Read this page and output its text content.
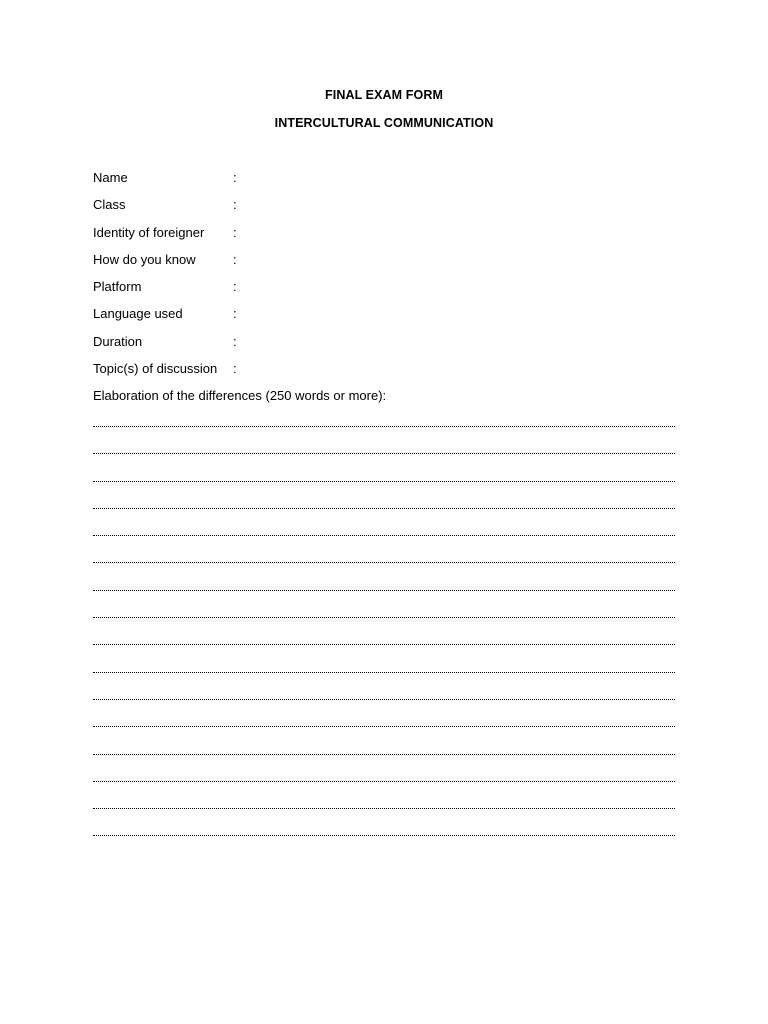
FINAL EXAM FORM
INTERCULTURAL COMMUNICATION
Name	:
Class	:
Identity of foreigner	:
How do you know	:
Platform	:
Language used	:
Duration	:
Topic(s) of discussion	:

Elaboration of the differences (250 words or more):
